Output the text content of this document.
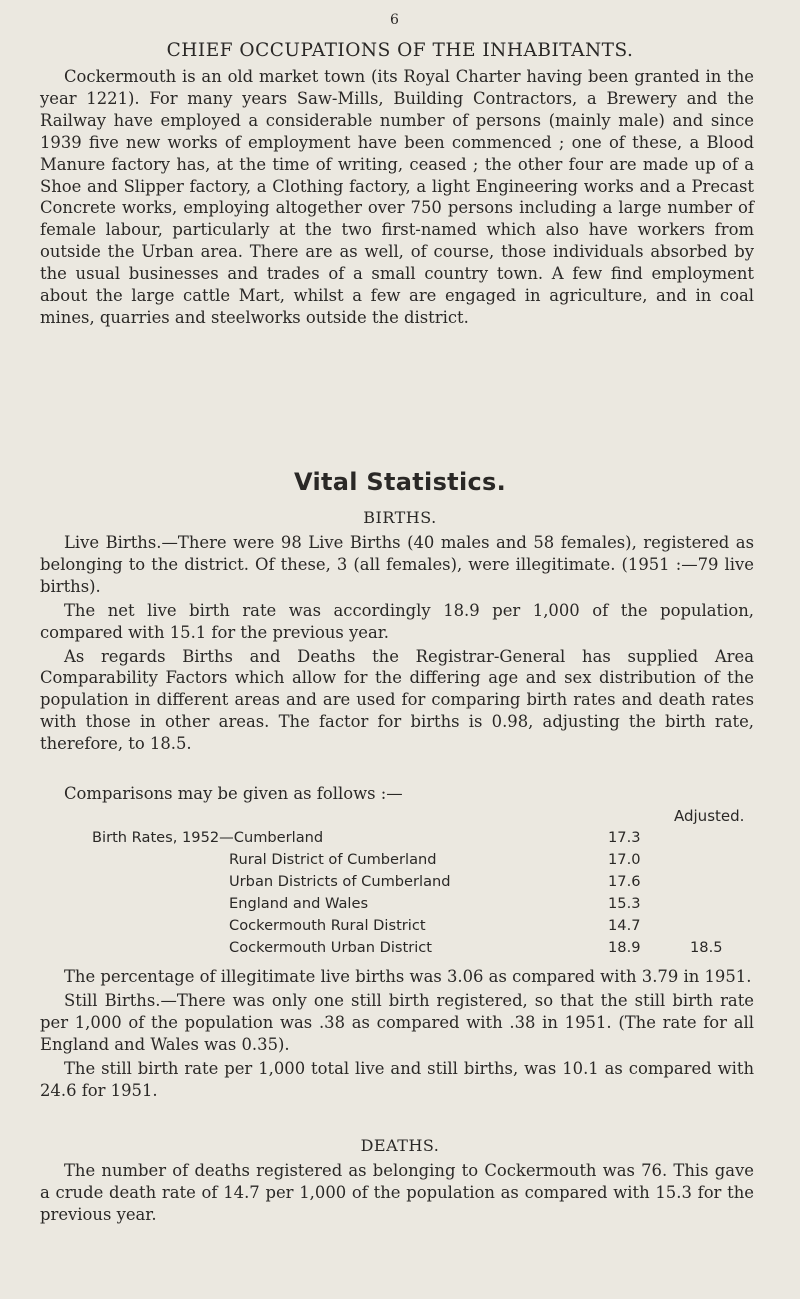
6
CHIEF OCCUPATIONS OF THE INHABITANTS.

Cockermouth is an old market town (its Royal Charter having been granted in the year 1221). For many years Saw-Mills, Building Contractors, a Brewery and the Railway have employed a considerable number of persons (mainly male) and since 1939 five new works of employment have been commenced ; one of these, a Blood Manure factory has, at the time of writing, ceased ; the other four are made up of a Shoe and Slipper factory, a Clothing factory, a light Engineering works and a Precast Concrete works, employing altogether over 750 persons including a large number of female labour, particularly at the two first-named which also have workers from outside the Urban area. There are as well, of course, those individuals absorbed by the usual businesses and trades of a small country town. A few find employment about the large cattle Mart, whilst a few are engaged in agriculture, and in coal mines, quarries and steelworks outside the district.

Vital Statistics.
BIRTHS.

Live Births.—There were 98 Live Births (40 males and 58 females), registered as belonging to the district. Of these, 3 (all females), were illegitimate. (1951 :—79 live births).

The net live birth rate was accordingly 18.9 per 1,000 of the population, compared with 15.1 for the previous year.

As regards Births and Deaths the Registrar-General has supplied Area Comparability Factors which allow for the differing age and sex distribution of the population in different areas and are used for comparing birth rates and death rates with those in other areas. The factor for births is 0.98, adjusting the birth rate, therefore, to 18.5.

Comparisons may be given as follows :—
Adjusted.
Birth Rates, 1952—Cumberland	17.3
Rural District of Cumberland	17.0
Urban Districts of Cumberland	17.6
England and Wales	15.3
Cockermouth Rural District	14.7
Cockermouth Urban District	18.9	18.5

The percentage of illegitimate live births was 3.06 as compared with 3.79 in 1951.

Still Births.—There was only one still birth registered, so that the still birth rate per 1,000 of the population was .38 as compared with .38 in 1951. (The rate for all England and Wales was 0.35).

The still birth rate per 1,000 total live and still births, was 10.1 as compared with 24.6 for 1951.

DEATHS.

The number of deaths registered as belonging to Cockermouth was 76. This gave a crude death rate of 14.7 per 1,000 of the population as compared with 15.3 for the previous year.
